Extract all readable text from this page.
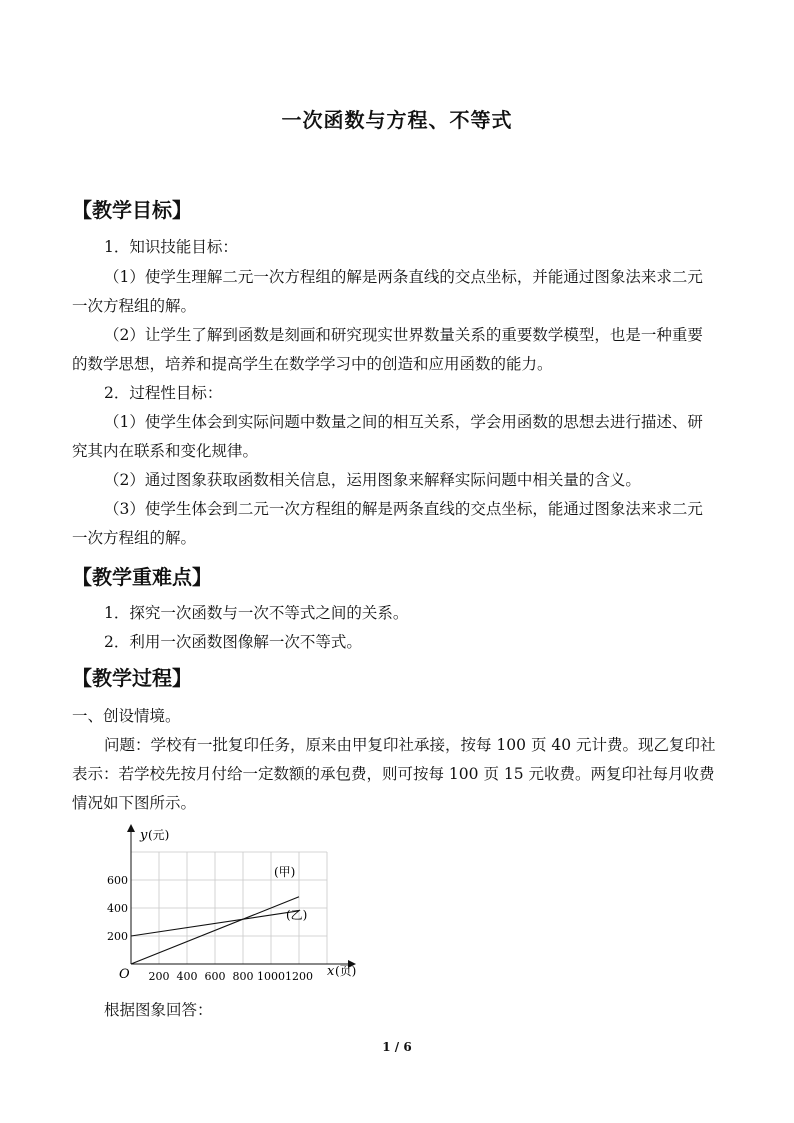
一次函数与方程、不等式
【教学目标】
1．知识技能目标：
（1）使学生理解二元一次方程组的解是两条直线的交点坐标，并能通过图象法来求二元
一次方程组的解。
（2）让学生了解到函数是刻画和研究现实世界数量关系的重要数学模型，也是一种重要
的数学思想，培养和提高学生在数学学习中的创造和应用函数的能力。
2．过程性目标：
（1）使学生体会到实际问题中数量之间的相互关系，学会用函数的思想去进行描述、研
究其内在联系和变化规律。
（2）通过图象获取函数相关信息，运用图象来解释实际问题中相关量的含义。
（3）使学生体会到二元一次方程组的解是两条直线的交点坐标，能通过图象法来求二元
一次方程组的解。
【教学重难点】
1．探究一次函数与一次不等式之间的关系。
2．利用一次函数图像解一次不等式。
【教学过程】
一、创设情境。
问题：学校有一批复印任务，原来由甲复印社承接，按每 100 页 40 元计费。现乙复印社
表示：若学校先按月付给一定数额的承包费，则可按每 100 页 15 元收费。两复印社每月收费
情况如下图所示。
O
y (元)
x (页)
(甲)
(乙)
200 400 600 800 1000 1200
200
400
600
根据图象回答：
1 / 6
